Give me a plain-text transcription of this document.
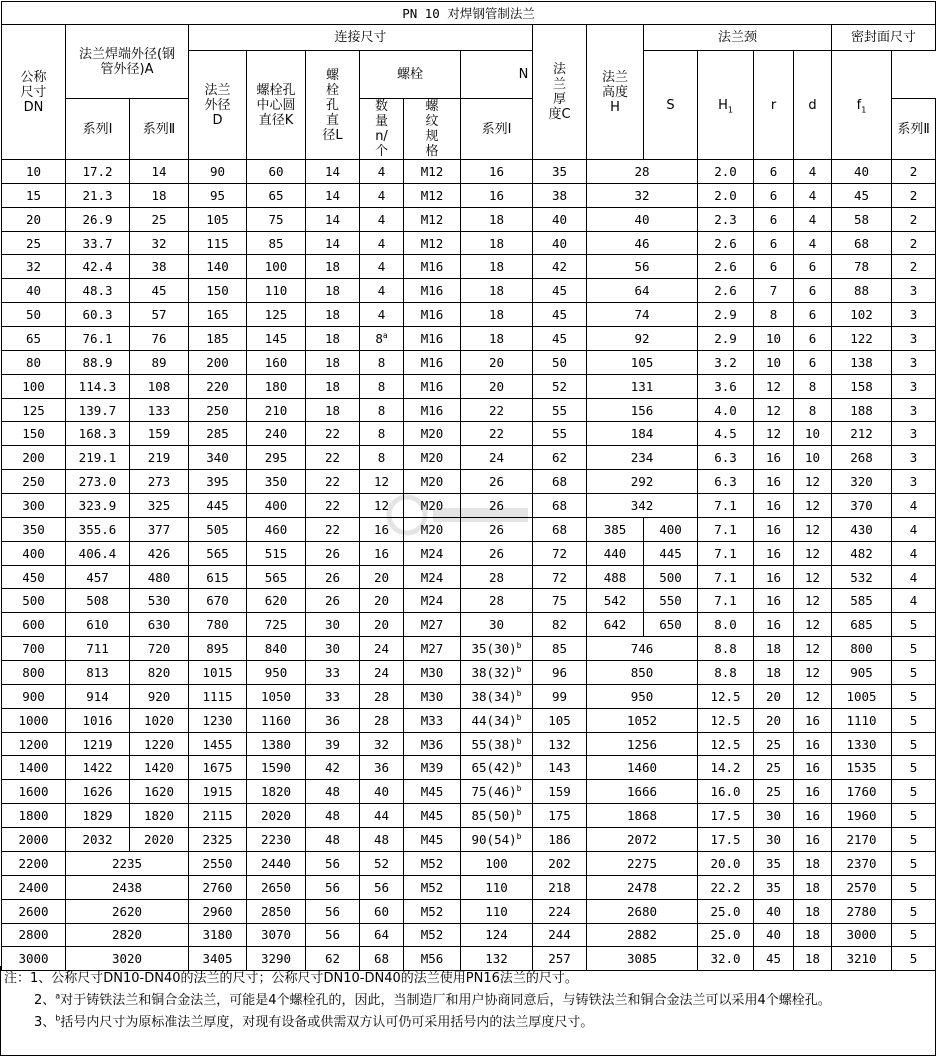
PN 10 对焊钢管制法兰																
公称尺寸DN	法兰焊端外径(钢管外径)A		连接尺寸						法兰厚度C	法兰高度H	法兰颈				密封面尺寸	
			法兰外径D	螺栓孔中心圆直径K	螺栓孔直径L	螺栓		N			S	$H_1$	r	d	$f_1$
	系列Ⅰ	系列Ⅱ				数量n/个	螺纹规格	系列Ⅰ								系列Ⅱ
10	17.2	14	90	60	14	4	M12	16	35	28		2.0	6	4	40	2
15	21.3	18	95	65	14	4	M12	16	38	32		2.0	6	4	45	2
20	26.9	25	105	75	14	4	M12	18	40	40		2.3	6	4	58	2
25	33.7	32	115	85	14	4	M12	18	40	46		2.6	6	4	68	2
32	42.4	38	140	100	18	4	M16	18	42	56		2.6	6	6	78	2
40	48.3	45	150	110	18	4	M16	18	45	64		2.6	7	6	88	3
50	60.3	57	165	125	18	4	M16	18	45	74		2.9	8	6	102	3
65	76.1	76	185	145	18	8$^a$	M16	18	45	92		2.9	10	6	122	3
80	88.9	89	200	160	18	8	M16	20	50	105		3.2	10	6	138	3
100	114.3	108	220	180	18	8	M16	20	52	131		3.6	12	8	158	3
125	139.7	133	250	210	18	8	M16	22	55	156		4.0	12	8	188	3
150	168.3	159	285	240	22	8	M20	22	55	184		4.5	12	10	212	3
200	219.1	219	340	295	22	8	M20	24	62	234		6.3	16	10	268	3
250	273.0	273	395	350	22	12	M20	26	68	292		6.3	16	12	320	3
300	323.9	325	445	400	22	12	M20	26	68	342		7.1	16	12	370	4
350	355.6	377	505	460	22	16	M20	26	68	385	400	7.1	16	12	430	4
400	406.4	426	565	515	26	16	M24	26	72	440	445	7.1	16	12	482	4
450	457	480	615	565	26	20	M24	28	72	488	500	7.1	16	12	532	4
500	508	530	670	620	26	20	M24	28	75	542	550	7.1	16	12	585	4
600	610	630	780	725	30	20	M27	30	82	642	650	8.0	16	12	685	5
700	711	720	895	840	30	24	M27	$35(30)^b$	85	746		8.8	18	12	800	5
800	813	820	1015	950	33	24	M30	$38(32)^b$	96	850		8.8	18	12	905	5
900	914	920	1115	1050	33	28	M30	$38(34)^b$	99	950		12.5	20	12	1005	5
1000	1016	1020	1230	1160	36	28	M33	$44(34)^b$	105	1052		12.5	20	16	1110	5
1200	1219	1220	1455	1380	39	32	M36	$55(38)^b$	132	1256		12.5	25	16	1330	5
1400	1422	1420	1675	1590	42	36	M39	$65(42)^b$	143	1460		14.2	25	16	1535	5
1600	1626	1620	1915	1820	48	40	M45	$75(46)^b$	159	1666		16.0	25	16	1760	5
1800	1829	1820	2115	2020	48	44	M45	$85(50)^b$	175	1868		17.5	30	16	1960	5
2000	2032	2020	2325	2230	48	48	M45	$90(54)^b$	186	2072		17.5	30	16	2170	5
2200	2235		2550	2440	56	52	M52	100	202	2275		20.0	35	18	2370	5
2400	2438		2760	2650	56	56	M52	110	218	2478		22.2	35	18	2570	5
2600	2620		2960	2850	56	60	M52	110	224	2680		25.0	40	18	2780	5
2800	2820		3180	3070	56	64	M52	124	244	2882		25.0	40	18	3000	5
3000	3020		3405	3290	62	68	M56	132	257	3085		32.0	45	18	3210	5

注：1、公称尺寸DN10-DN40的法兰的尺寸；公称尺寸DN10-DN40的法兰使用PN16法兰的尺寸。

2、$^a$对于铸铁法兰和铜合金法兰，可能是4个螺栓孔的，因此，当制造厂和用户协商同意后，与铸铁法兰和铜合金法兰可以采用4个螺栓孔。

3、$^b$括号内尺寸为原标准法兰厚度，对现有设备或供需双方认可仍可采用括号内的法兰厚度尺寸。
